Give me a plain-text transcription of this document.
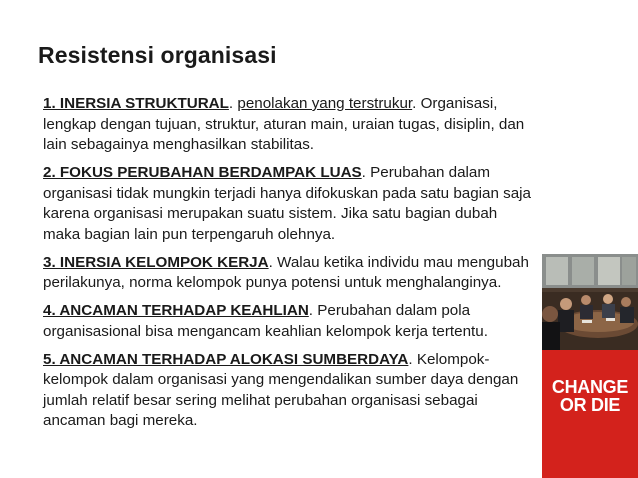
Resistensi organisasi

1. INERSIA STRUKTURAL. penolakan yang terstrukur. Organisasi, lengkap dengan tujuan, struktur, aturan main, uraian tugas, disiplin, dan lain sebagainya menghasilkan stabilitas.

2. FOKUS PERUBAHAN BERDAMPAK LUAS. Perubahan dalam organisasi tidak mungkin terjadi hanya difokuskan pada satu bagian saja karena organisasi merupakan suatu sistem. Jika satu bagian dubah maka bagian lain pun terpengaruh olehnya.

3. INERSIA KELOMPOK KERJA. Walau ketika individu mau mengubah perilakunya, norma kelompok punya potensi untuk menghalanginya.

4. ANCAMAN TERHADAP KEAHLIAN. Perubahan dalam pola organisasional bisa mengancam keahlian kelompok kerja tertentu.

5. ANCAMAN TERHADAP ALOKASI SUMBERDAYA. Kelompok-kelompok dalam organisasi yang mengendalikan sumber daya dengan jumlah relatif besar sering melihat perubahan organisasi sebagai ancaman bagi mereka.

CHANGE
OR DIE
